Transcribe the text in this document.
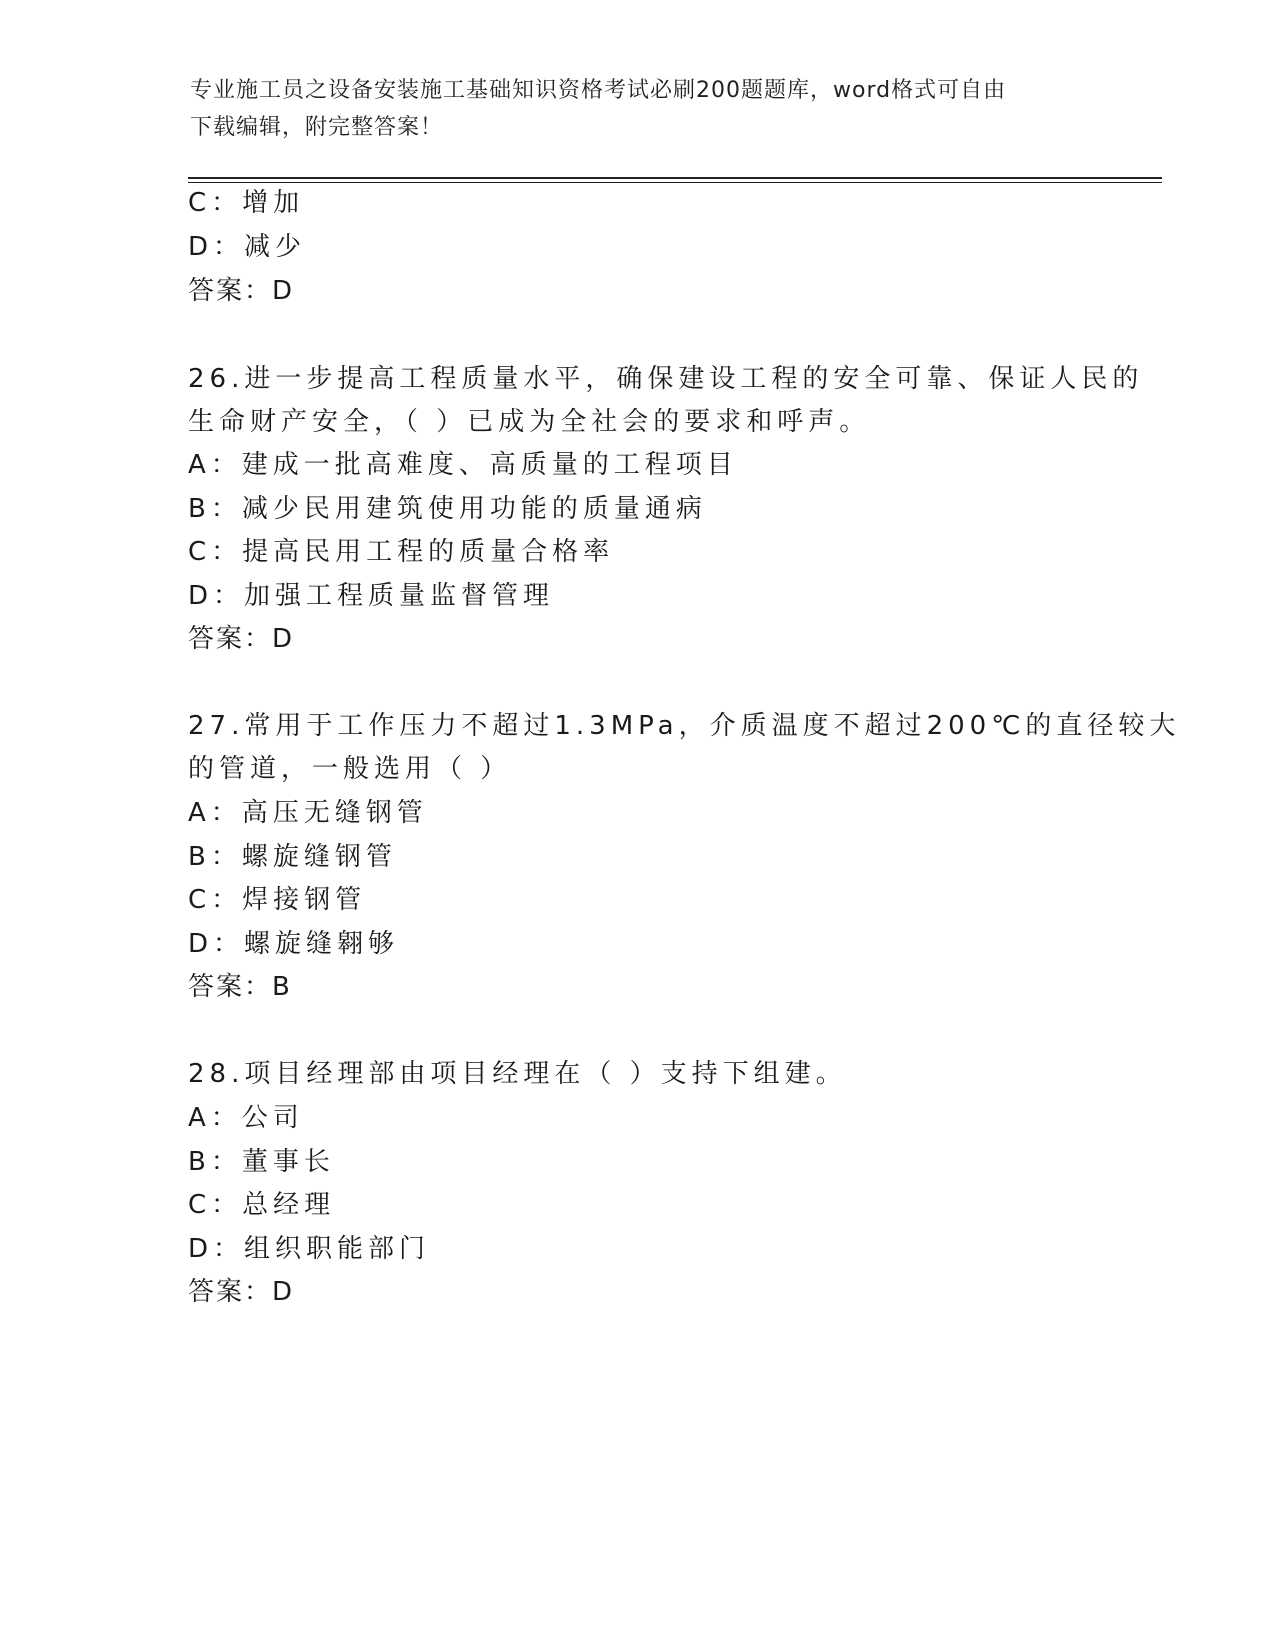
专业施工员之设备安装施工基础知识资格考试必刷200题题库，word格式可自由
下载编辑，附完整答案！
C：增加
D：减少
答案：D
26.进一步提高工程质量水平，确保建设工程的安全可靠、保证人民的
生命财产安全，（ ）已成为全社会的要求和呼声。
A：建成一批高难度、高质量的工程项目
B：减少民用建筑使用功能的质量通病
C：提高民用工程的质量合格率
D：加强工程质量监督管理
答案：D
27.常用于工作压力不超过1.3MPa，介质温度不超过200℃的直径较大
的管道，一般选用（ ）
A：高压无缝钢管
B：螺旋缝钢管
C：焊接钢管
D：螺旋缝翱够
答案：B
28.项目经理部由项目经理在（ ）支持下组建。
A：公司
B：董事长
C：总经理
D：组织职能部门
答案：D
